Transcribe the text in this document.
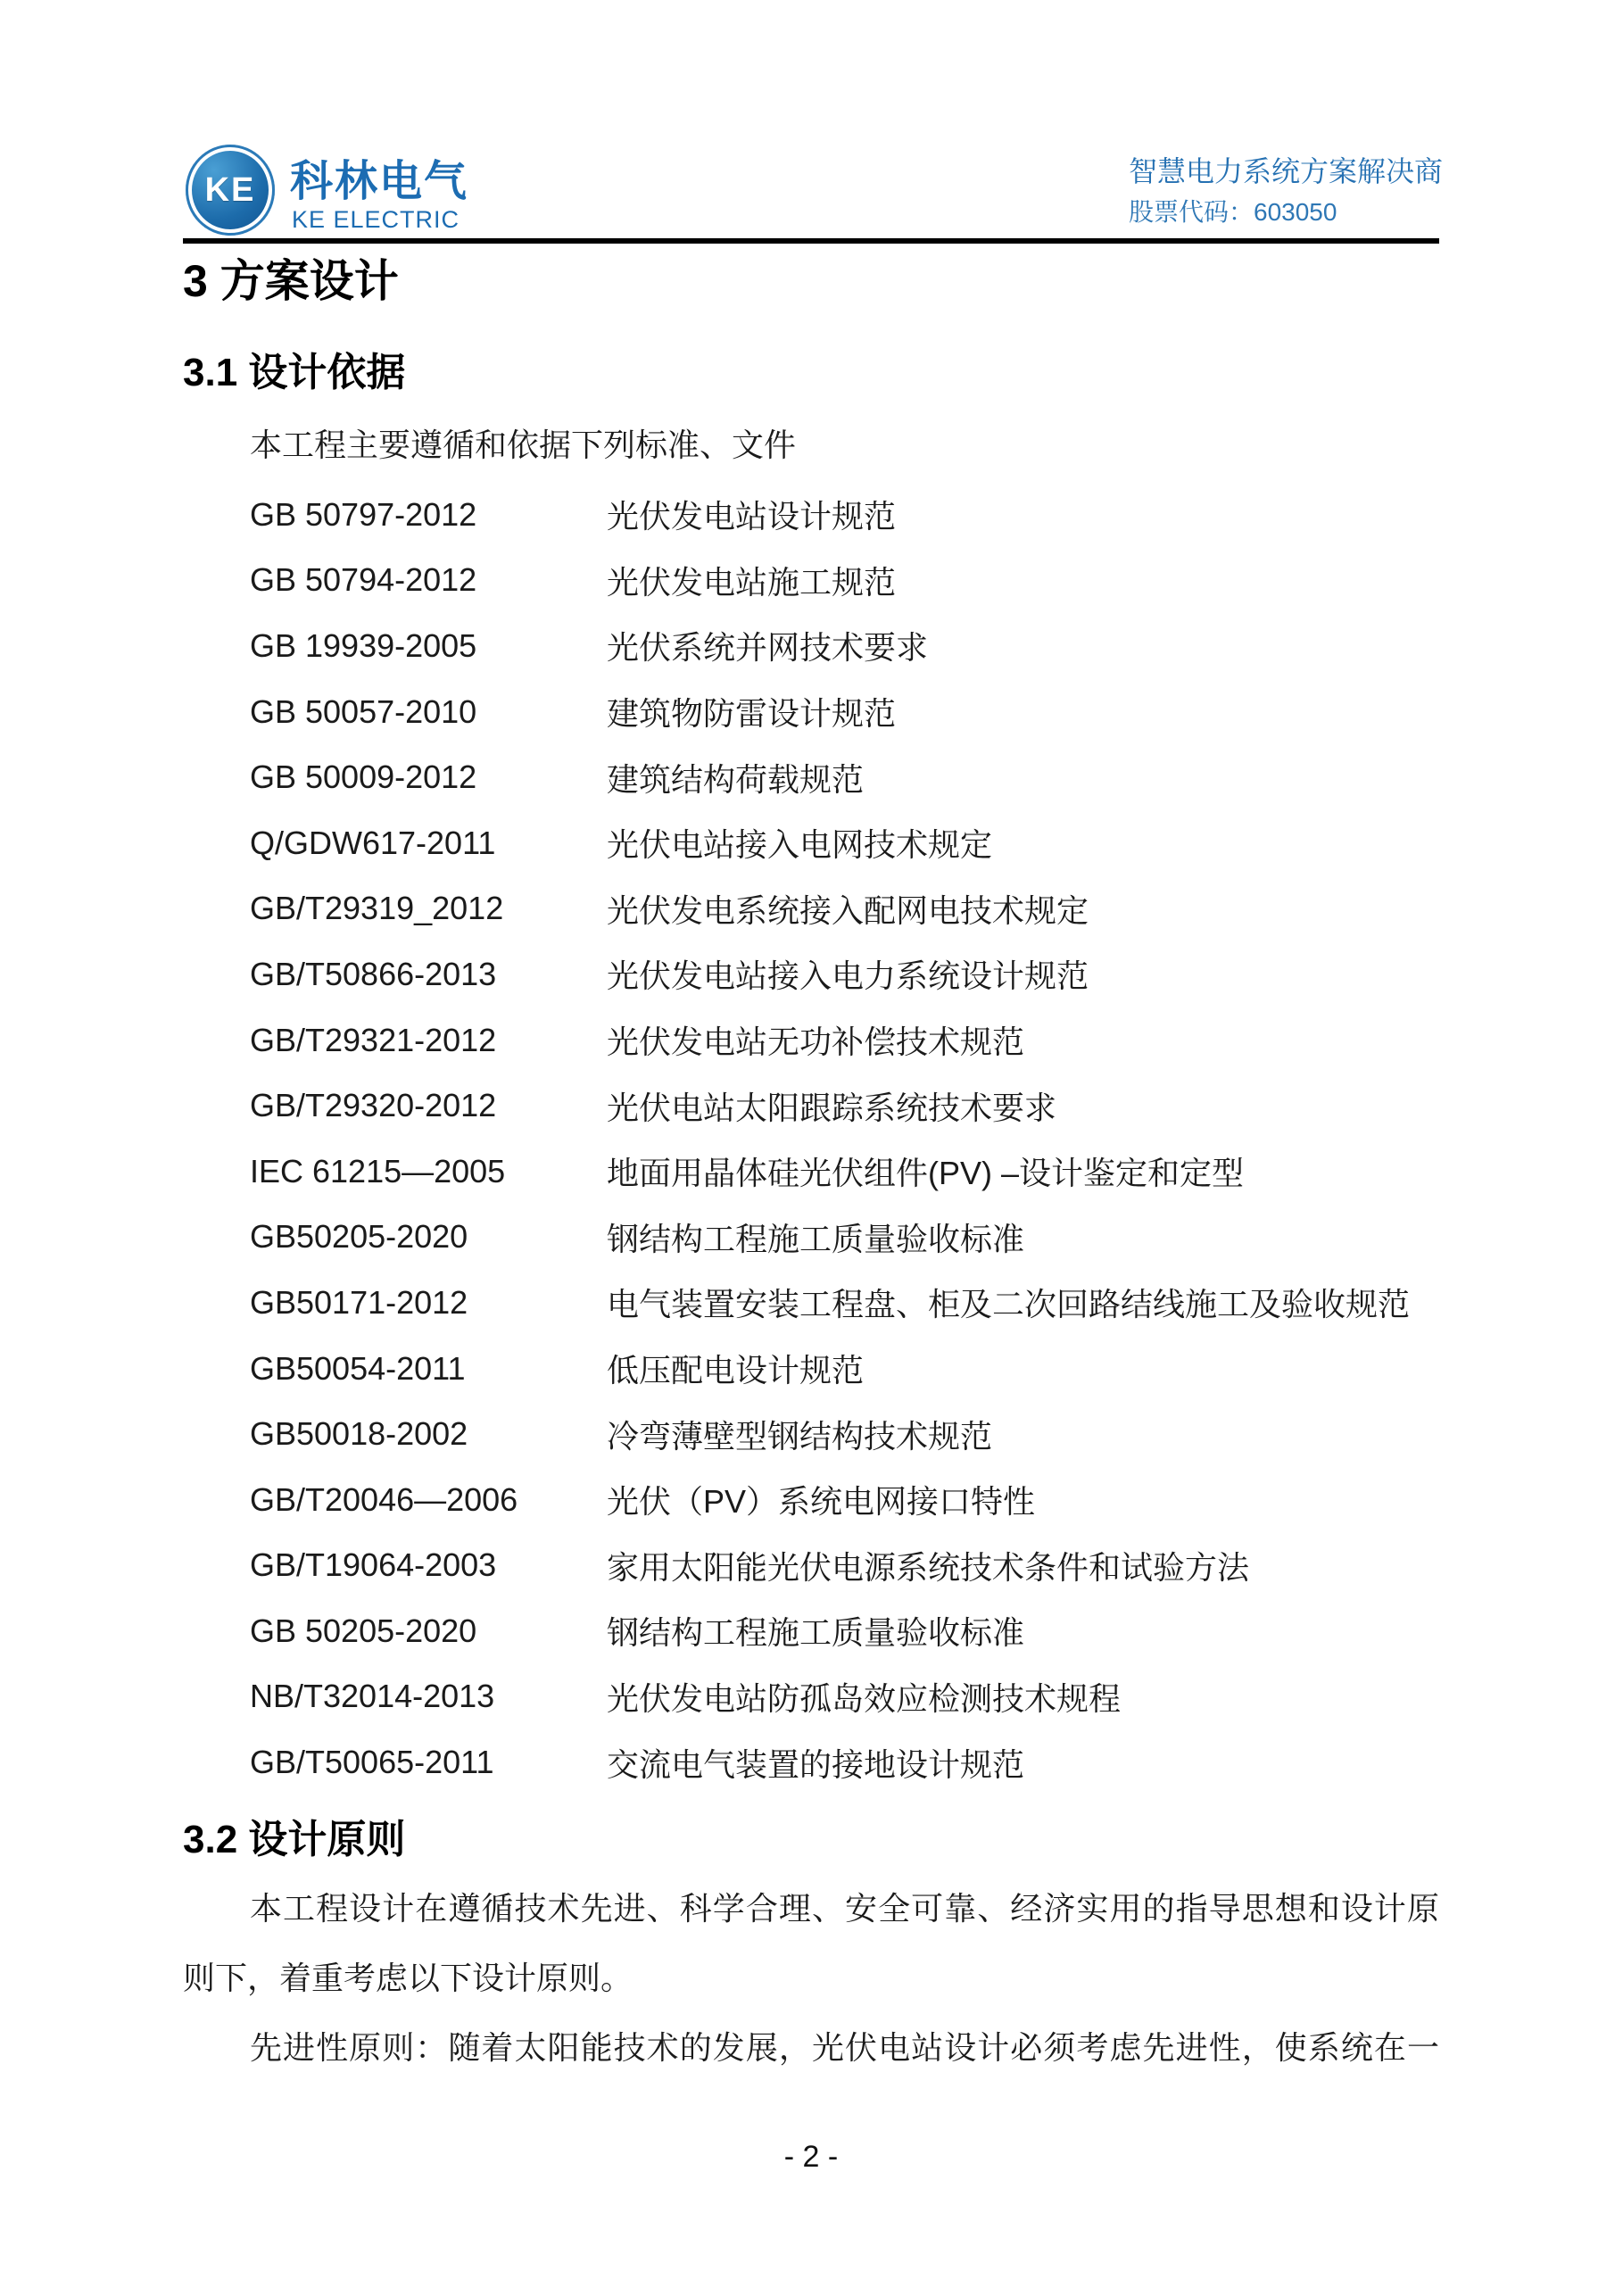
KE 科林电气
KE ELECTRIC
智慧电力系统方案解决商
股票代码：603050
3 方案设计
3.1 设计依据
本工程主要遵循和依据下列标准、文件
GB 50797-2012	光伏发电站设计规范
GB 50794-2012	光伏发电站施工规范
GB 19939-2005	光伏系统并网技术要求
GB 50057-2010	建筑物防雷设计规范
GB 50009-2012	建筑结构荷载规范
Q/GDW617-2011	光伏电站接入电网技术规定
GB/T29319_2012	光伏发电系统接入配网电技术规定
GB/T50866-2013	光伏发电站接入电力系统设计规范
GB/T29321-2012	光伏发电站无功补偿技术规范
GB/T29320-2012	光伏电站太阳跟踪系统技术要求
IEC 61215—2005	地面用晶体硅光伏组件(PV) –设计鉴定和定型
GB50205-2020	钢结构工程施工质量验收标准
GB50171-2012	电气装置安装工程盘、柜及二次回路结线施工及验收规范
GB50054-2011	低压配电设计规范
GB50018-2002	冷弯薄壁型钢结构技术规范
GB/T20046—2006	光伏（PV）系统电网接口特性
GB/T19064-2003	家用太阳能光伏电源系统技术条件和试验方法
GB 50205-2020	钢结构工程施工质量验收标准
NB/T32014-2013	光伏发电站防孤岛效应检测技术规程
GB/T50065-2011	交流电气装置的接地设计规范
3.2 设计原则
本工程设计在遵循技术先进、科学合理、安全可靠、经济实用的指导思想和设计原
则下，着重考虑以下设计原则。
先进性原则：随着太阳能技术的发展，光伏电站设计必须考虑先进性，使系统在一
- 2 -
